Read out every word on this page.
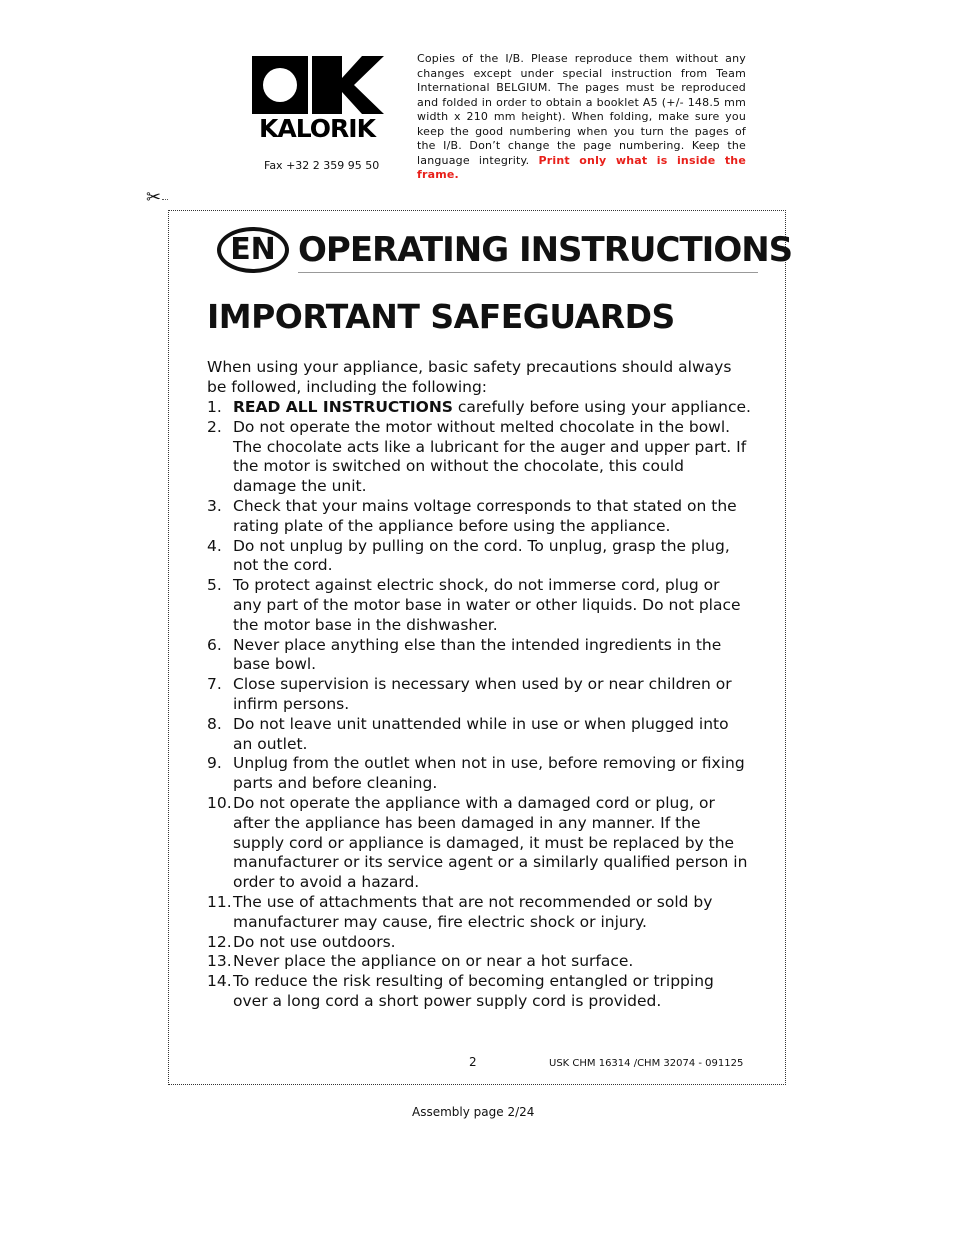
KALORIK
Fax +32 2 359 95 50
Copies of the I/B. Please reproduce them without any changes except under special instruction from Team International BELGIUM. The pages must be reproduced and folded in order to obtain a booklet A5 (+/- 148.5 mm width x 210 mm height). When folding, make sure you keep the good numbering when you turn the pages of the I/B. Don’t change the page numbering. Keep the language integrity. Print only what is inside the frame.
✂
EN OPERATING INSTRUCTIONS
IMPORTANT SAFEGUARDS
When using your appliance, basic safety precautions should always be followed, including the following:
1. READ ALL INSTRUCTIONS carefully before using your appliance.
2. Do not operate the motor without melted chocolate in the bowl. The chocolate acts like a lubricant for the auger and upper part. If the motor is switched on without the chocolate, this could damage the unit.
3. Check that your mains voltage corresponds to that stated on the rating plate of the appliance before using the appliance.
4. Do not unplug by pulling on the cord. To unplug, grasp the plug, not the cord.
5. To protect against electric shock, do not immerse cord, plug or any part of the motor base in water or other liquids. Do not place the motor base in the dishwasher.
6. Never place anything else than the intended ingredients in the base bowl.
7. Close supervision is necessary when used by or near children or infirm persons.
8. Do not leave unit unattended while in use or when plugged into an outlet.
9. Unplug from the outlet when not in use, before removing or fixing parts and before cleaning.
10. Do not operate the appliance with a damaged cord or plug, or after the appliance has been damaged in any manner. If the supply cord or appliance is damaged, it must be replaced by the manufacturer or its service agent or a similarly qualified person in order to avoid a hazard.
11. The use of attachments that are not recommended or sold by manufacturer may cause, fire electric shock or injury.
12. Do not use outdoors.
13. Never place the appliance on or near a hot surface.
14. To reduce the risk resulting of becoming entangled or tripping over a long cord a short power supply cord is provided.
2	USK CHM 16314 /CHM 32074 - 091125
Assembly page 2/24
